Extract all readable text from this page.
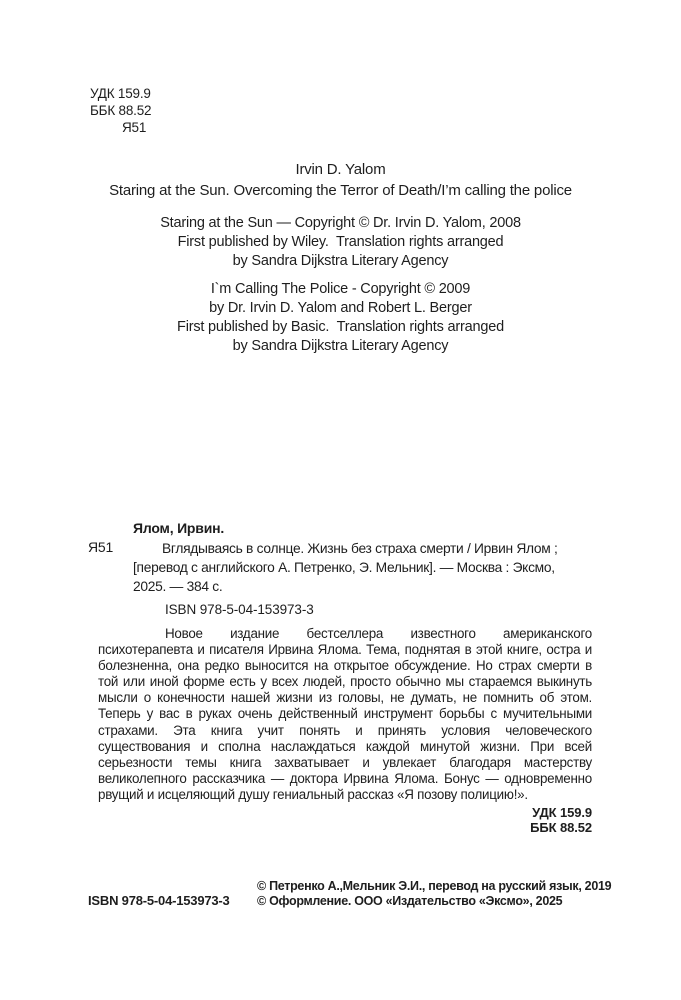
УДК 159.9
ББК 88.52
Я51
Irvin D. Yalom
Staring at the Sun. Overcoming the Terror of Death/I’m calling the police
Staring at the Sun — Copyright © Dr. Irvin D. Yalom, 2008
First published by Wiley.  Translation rights arranged
by Sandra Dijkstra Literary Agency
I`m Calling The Police - Copyright © 2009
by Dr. Irvin D. Yalom and Robert L. Berger
First published by Basic.  Translation rights arranged
by Sandra Dijkstra Literary Agency
Ялом, Ирвин.
Я51	Вглядываясь в солнце. Жизнь без страха смерти / Ирвин Ялом ;
[перевод с английского А. Петренко, Э. Мельник]. — Москва : Эксмо,
2025. — 384 с.
ISBN 978-5-04-153973-3
Новое издание бестселлера известного американского психотерапевта и писателя Ирвина Ялома. Тема, поднятая в этой книге, остра и болезненна, она редко выносится на открытое обсуждение. Но страх смерти в той или иной форме есть у всех людей, просто обычно мы стараемся выкинуть мысли о конечности нашей жизни из головы, не думать, не помнить об этом. Теперь у вас в руках очень действенный инструмент борьбы с мучительными страхами. Эта книга учит понять и принять условия человеческого существования и сполна наслаждаться каждой минутой жизни. При всей серьезности темы книга захватывает и увлекает благодаря мастерству великолепного рассказчика — доктора Ирвина Ялома. Бонус — одновременно рвущий и исцеляющий душу гениальный рассказ «Я позову полицию!».
УДК 159.9
ББК 88.52
ISBN 978-5-04-153973-3
© Петренко А.,Мельник Э.И., перевод на русский язык, 2019
© Оформление. ООО «Издательство «Эксмо», 2025
